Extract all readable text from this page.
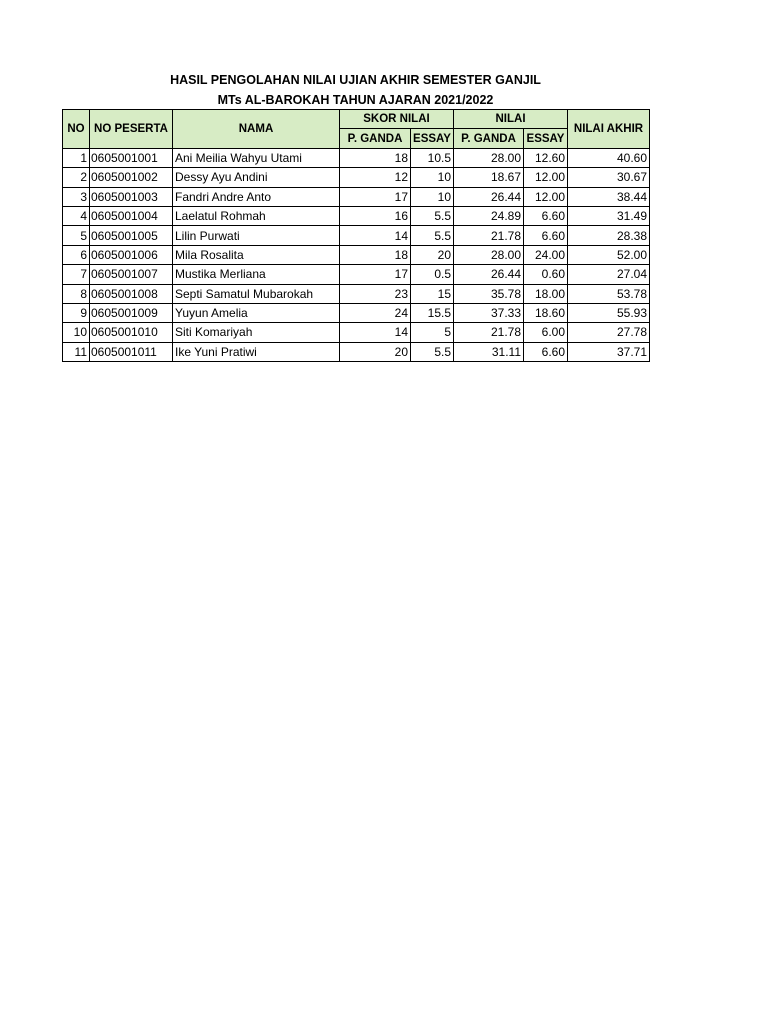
HASIL PENGOLAHAN NILAI UJIAN AKHIR SEMESTER GANJIL
MTs AL-BAROKAH TAHUN AJARAN 2021/2022
NO	NO PESERTA	NAMA	SKOR NILAI		NILAI		NILAI AKHIR
			P. GANDA	ESSAY	P. GANDA	ESSAY	
1	0605001001	Ani Meilia Wahyu Utami	18	10.5	28.00	12.60	40.60
2	0605001002	Dessy Ayu Andini	12	10	18.67	12.00	30.67
3	0605001003	Fandri Andre Anto	17	10	26.44	12.00	38.44
4	0605001004	Laelatul Rohmah	16	5.5	24.89	6.60	31.49
5	0605001005	Lilin Purwati	14	5.5	21.78	6.60	28.38
6	0605001006	Mila Rosalita	18	20	28.00	24.00	52.00
7	0605001007	Mustika Merliana	17	0.5	26.44	0.60	27.04
8	0605001008	Septi Samatul Mubarokah	23	15	35.78	18.00	53.78
9	0605001009	Yuyun Amelia	24	15.5	37.33	18.60	55.93
10	0605001010	Siti Komariyah	14	5	21.78	6.00	27.78
11	0605001011	Ike Yuni Pratiwi	20	5.5	31.11	6.60	37.71
